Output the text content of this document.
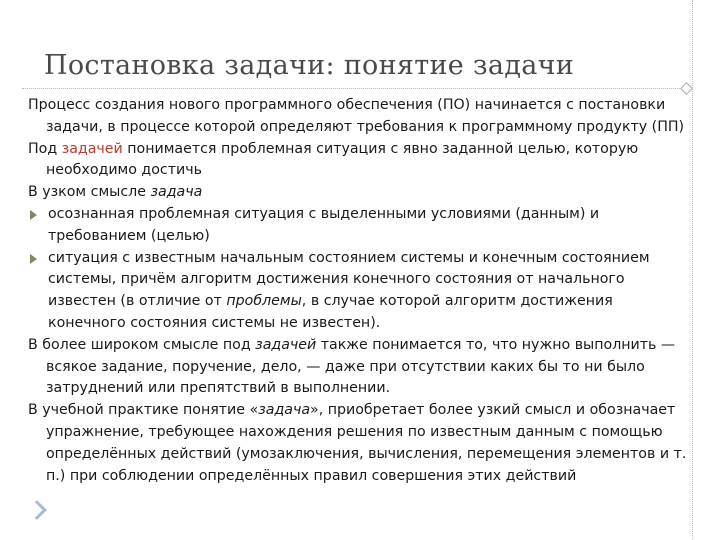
Постановка задачи: понятие задачи
Процесс создания нового программного обеспечения (ПО) начинается с постановки задачи, в процессе которой определяют требования к программному продукту (ПП)
Под задачей понимается проблемная ситуация с явно заданной целью, которую необходимо достичь
В узком смысле задача
осознанная проблемная ситуация с выделенными условиями (данным) и требованием (целью)
ситуация с известным начальным состоянием системы и конечным состоянием системы, причём алгоритм достижения конечного состояния от начального известен (в отличие от проблемы, в случае которой алгоритм достижения конечного состояния системы не известен).
В более широком смысле под задачей также понимается то, что нужно выполнить — всякое задание, поручение, дело, — даже при отсутствии каких бы то ни было затруднений или препятствий в выполнении.
В учебной практике понятие «задача», приобретает более узкий смысл и обозначает упражнение, требующее нахождения решения по известным данным с помощью определённых действий (умозаключения, вычисления, перемещения элементов и т. п.) при соблюдении определённых правил совершения этих действий
